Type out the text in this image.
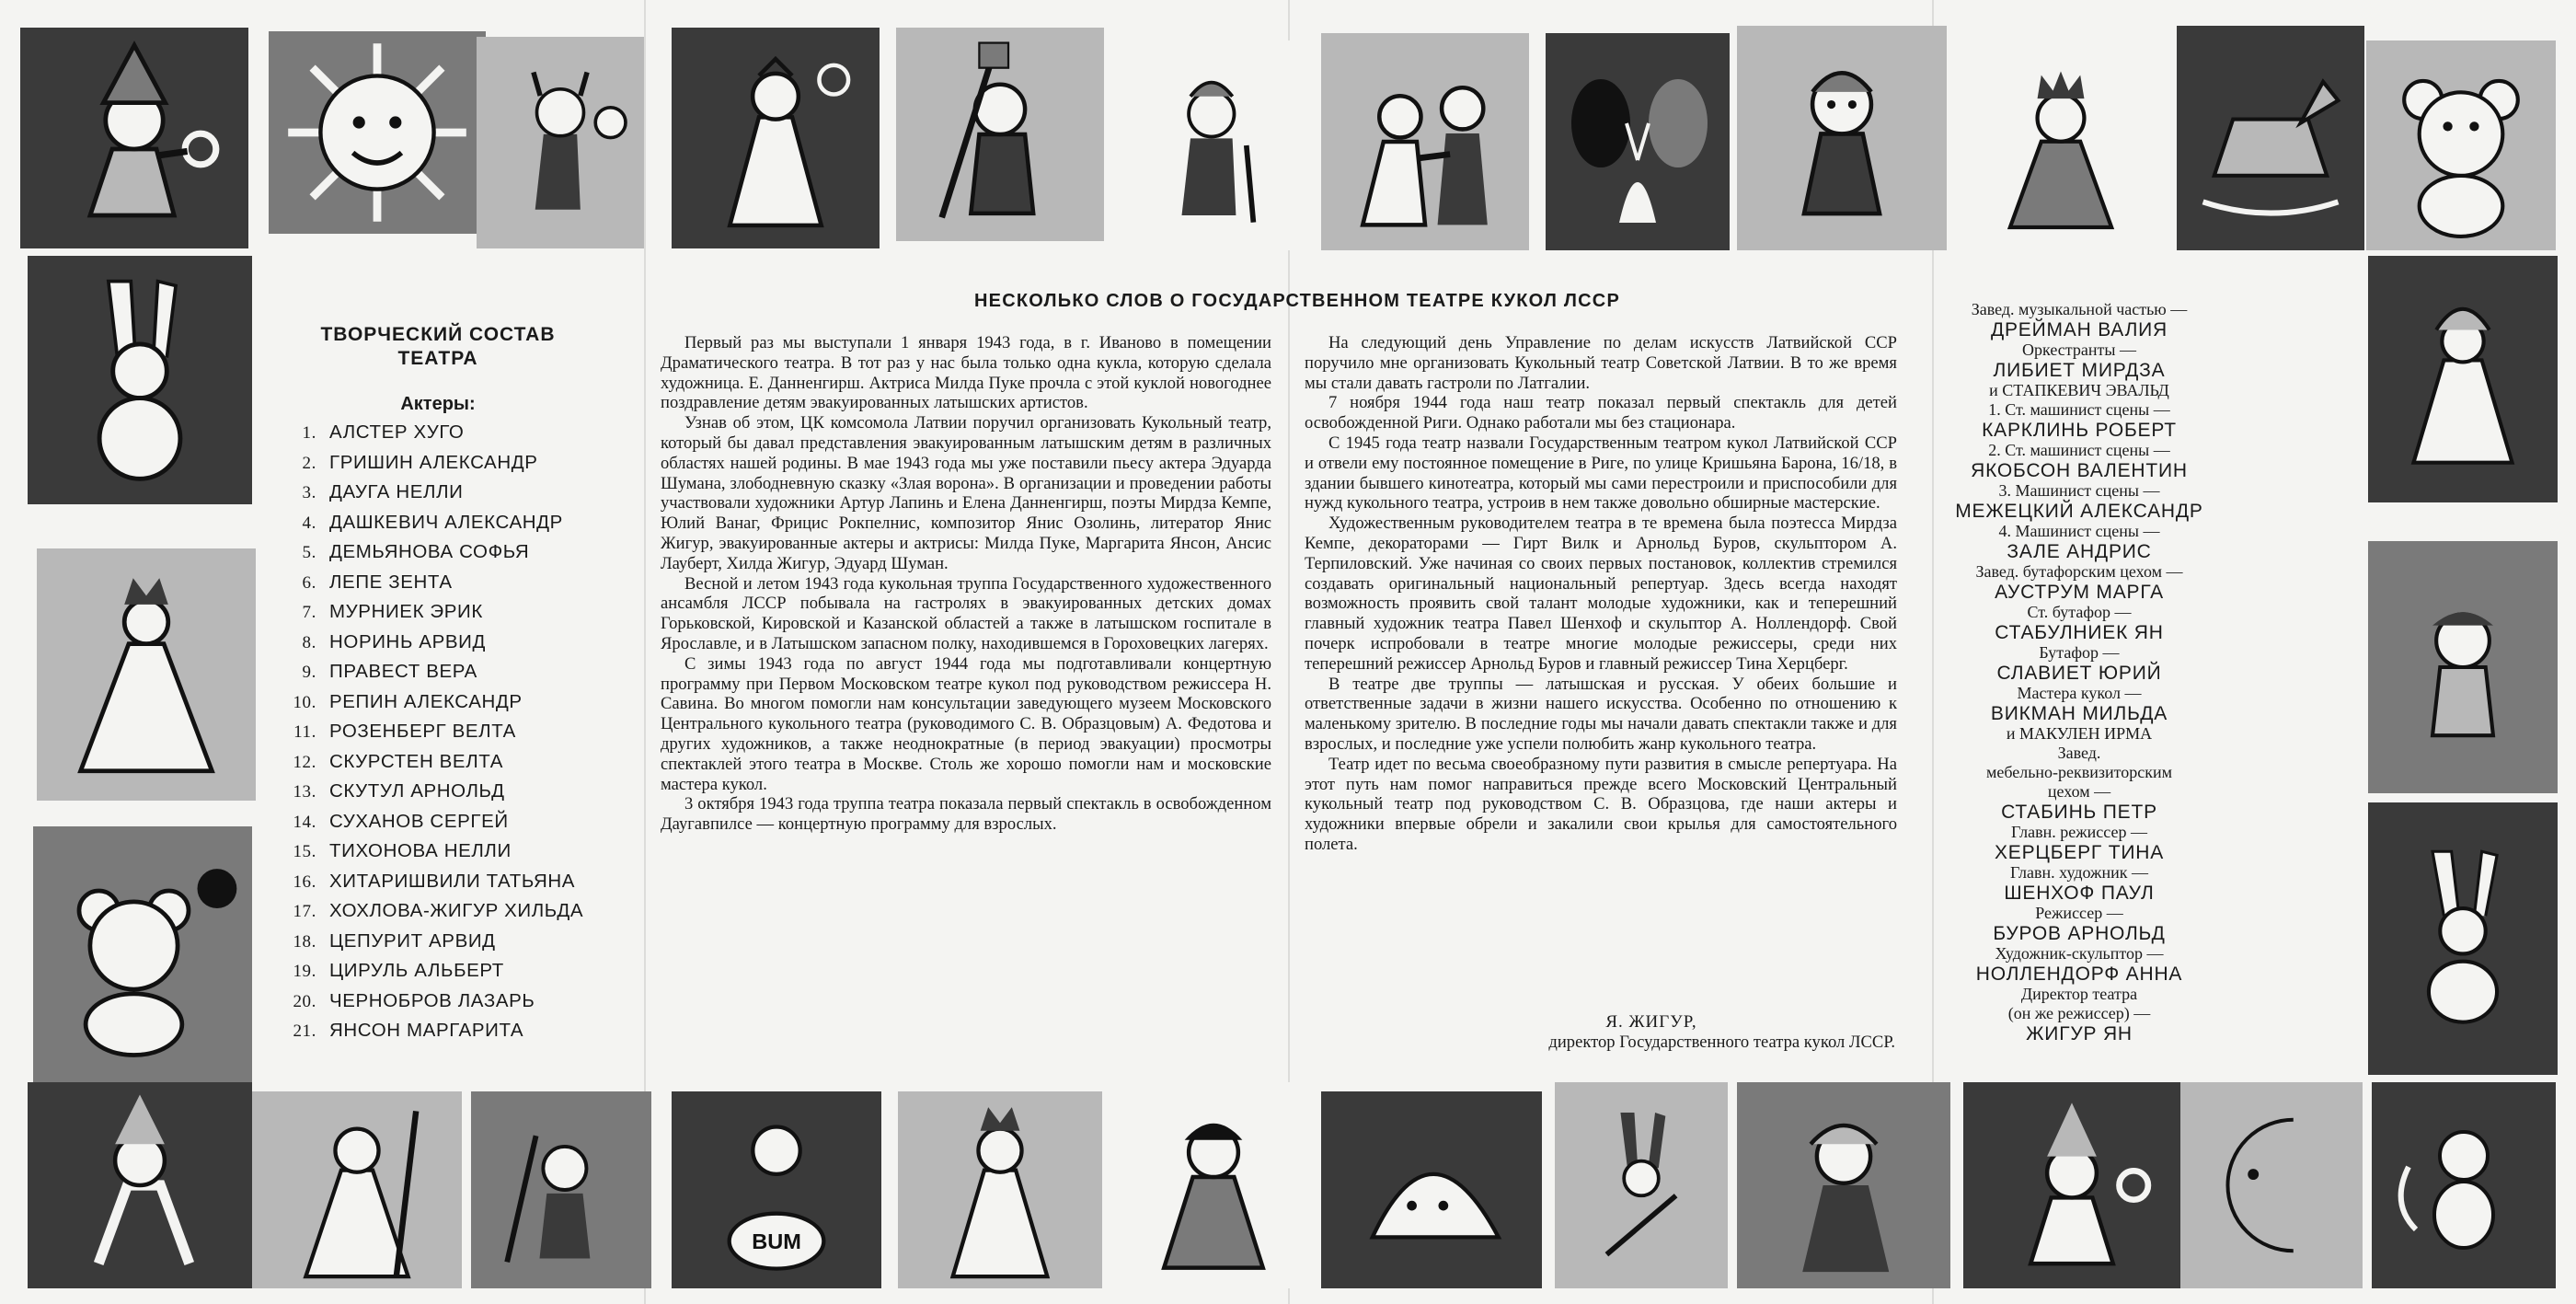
BUM
ТВОРЧЕСКИЙ СОСТАВ
ТЕАТРА
Актеры:
1. АЛСТЕР ХУГО
2. ГРИШИН АЛЕКСАНДР
3. ДАУГА НЕЛЛИ
4. ДАШКЕВИЧ АЛЕКСАНДР
5. ДЕМЬЯНОВА СОФЬЯ
6. ЛЕПЕ ЗЕНТА
7. МУРНИЕК ЭРИК
8. НОРИНЬ АРВИД
9. ПРАВЕСТ ВЕРА
10. РЕПИН АЛЕКСАНДР
11. РОЗЕНБЕРГ ВЕЛТА
12. СКУРСТЕН ВЕЛТА
13. СКУТУЛ АРНОЛЬД
14. СУХАНОВ СЕРГЕЙ
15. ТИХОНОВА НЕЛЛИ
16. ХИТАРИШВИЛИ ТАТЬЯНА
17. ХОХЛОВА-ЖИГУР ХИЛЬДА
18. ЦЕПУРИТ АРВИД
19. ЦИРУЛЬ АЛЬБЕРТ
20. ЧЕРНОБРОВ ЛАЗАРЬ
21. ЯНСОН МАРГАРИТА
НЕСКОЛЬКО СЛОВ О ГОСУДАРСТВЕННОМ ТЕАТРЕ КУКОЛ ЛССР

Первый раз мы выступали 1 января 1943 года, в г. Иваново в помещении Драматического театра. В тот раз у нас была только одна кукла, которую сделала художница. Е. Данненгирш. Актриса Милда Пуке прочла с этой куклой новогоднее поздравление детям эвакуированных латышских артистов.

Узнав об этом, ЦК комсомола Латвии поручил организовать Кукольный театр, который бы давал представления эвакуированным латышским детям в различных областях нашей родины. В мае 1943 года мы уже поставили пьесу актера Эдуарда Шумана, злободневную сказку «Злая ворона». В организации и проведении работы участвовали художники Артур Лапинь и Елена Данненгирш, поэты Мирдза Кемпе, Юлий Ванаг, Фрицис Рокпелнис, композитор Янис Озолинь, литератор Янис Жигур, эвакуированные актеры и актрисы: Милда Пуке, Маргарита Янсон, Ансис Лауберт, Хилда Жигур, Эдуард Шуман.

Весной и летом 1943 года кукольная труппа Государственного художественного ансамбля ЛССР побывала на гастролях в эвакуированных детских домах Горьковской, Кировской и Казанской областей а также в латышском госпитале в Ярославле, и в Латышском запасном полку, находившемся в Гороховецких лагерях.

С зимы 1943 года по август 1944 года мы подготавливали концертную программу при Первом Московском театре кукол под руководством режиссера Н. Савина. Во многом помогли нам консультации заведующего музеем Московского Центрального кукольного театра (руководимого С. В. Образцовым) А. Федотова и других художников, а также неоднократные (в период эвакуации) просмотры спектаклей этого театра в Москве. Столь же хорошо помогли нам и московские мастера кукол.

3 октября 1943 года труппа театра показала первый спектакль в освобожденном Даугавпилсе — концертную программу для взрослых.

На следующий день Управление по делам искусств Латвийской ССР поручило мне организовать Кукольный театр Советской Латвии. В то же время мы стали давать гастроли по Латгалии.

7 ноября 1944 года наш театр показал первый спектакль для детей освобожденной Риги. Однако работали мы без стационара.

С 1945 года театр назвали Государственным театром кукол Латвийской ССР и отвели ему постоянное помещение в Риге, по улице Кришьяна Барона, 16/18, в здании бывшего кинотеатра, который мы сами перестроили и приспособили для нужд кукольного театра, устроив в нем также довольно обширные мастерские.

Художественным руководителем театра в те времена была поэтесса Мирдза Кемпе, декораторами — Гирт Вилк и Арнольд Буров, скульптором А. Терпиловский. Уже начиная со своих первых постановок, коллектив стремился создавать оригинальный национальный репертуар. Здесь всегда находят возможность проявить свой талант молодые художники, как и теперешний главный художник театра Павел Шенхоф и скульптор А. Ноллендорф. Свой почерк испробовали в театре многие молодые режиссеры, среди них теперешний режиссер Арнольд Буров и главный режиссер Тина Херцберг.

В театре две труппы — латышская и русская. У обеих большие и ответственные задачи в жизни нашего искусства. Особенно по отношению к маленькому зрителю. В последние годы мы начали давать спектакли также и для взрослых, и последние уже успели полюбить жанр кукольного театра.

Театр идет по весьма своеобразному пути развития в смысле репертуара. На этот путь нам помог направиться прежде всего Московский Центральный кукольный театр под руководством С. В. Образцова, где наши актеры и художники впервые обрели и закалили свои крылья для самостоятельного полета.

Я. ЖИГУР,
директор Государственного театра кукол ЛССР.
Завед. музыкальной частью —
ДРЕЙМАН ВАЛИЯ
Оркестранты —
ЛИБИЕТ МИРДЗА
и СТАПКЕВИЧ ЭВАЛЬД
1. Ст. машинист сцены —
КАРКЛИНЬ РОБЕРТ
2. Ст. машинист сцены —
ЯКОБСОН ВАЛЕНТИН
3. Машинист сцены —
МЕЖЕЦКИЙ АЛЕКСАНДР
4. Машинист сцены —
ЗАЛЕ АНДРИС
Завед. бутафорским цехом —
АУСТРУМ МАРГА
Ст. бутафор —
СТАБУЛНИЕК ЯН
Бутафор —
СЛАВИЕТ ЮРИЙ
Мастера кукол —
ВИКМАН МИЛЬДА
и МАКУЛЕН ИРМА
Завед.
мебельно-реквизиторским
цехом —
СТАБИНЬ ПЕТР
Главн. режиссер —
ХЕРЦБЕРГ ТИНА
Главн. художник —
ШЕНХОФ ПАУЛ
Режиссер —
БУРОВ АРНОЛЬД
Художник-скульптор —
НОЛЛЕНДОРФ АННА
Директор театра
(он же режиссер) —
ЖИГУР ЯН
